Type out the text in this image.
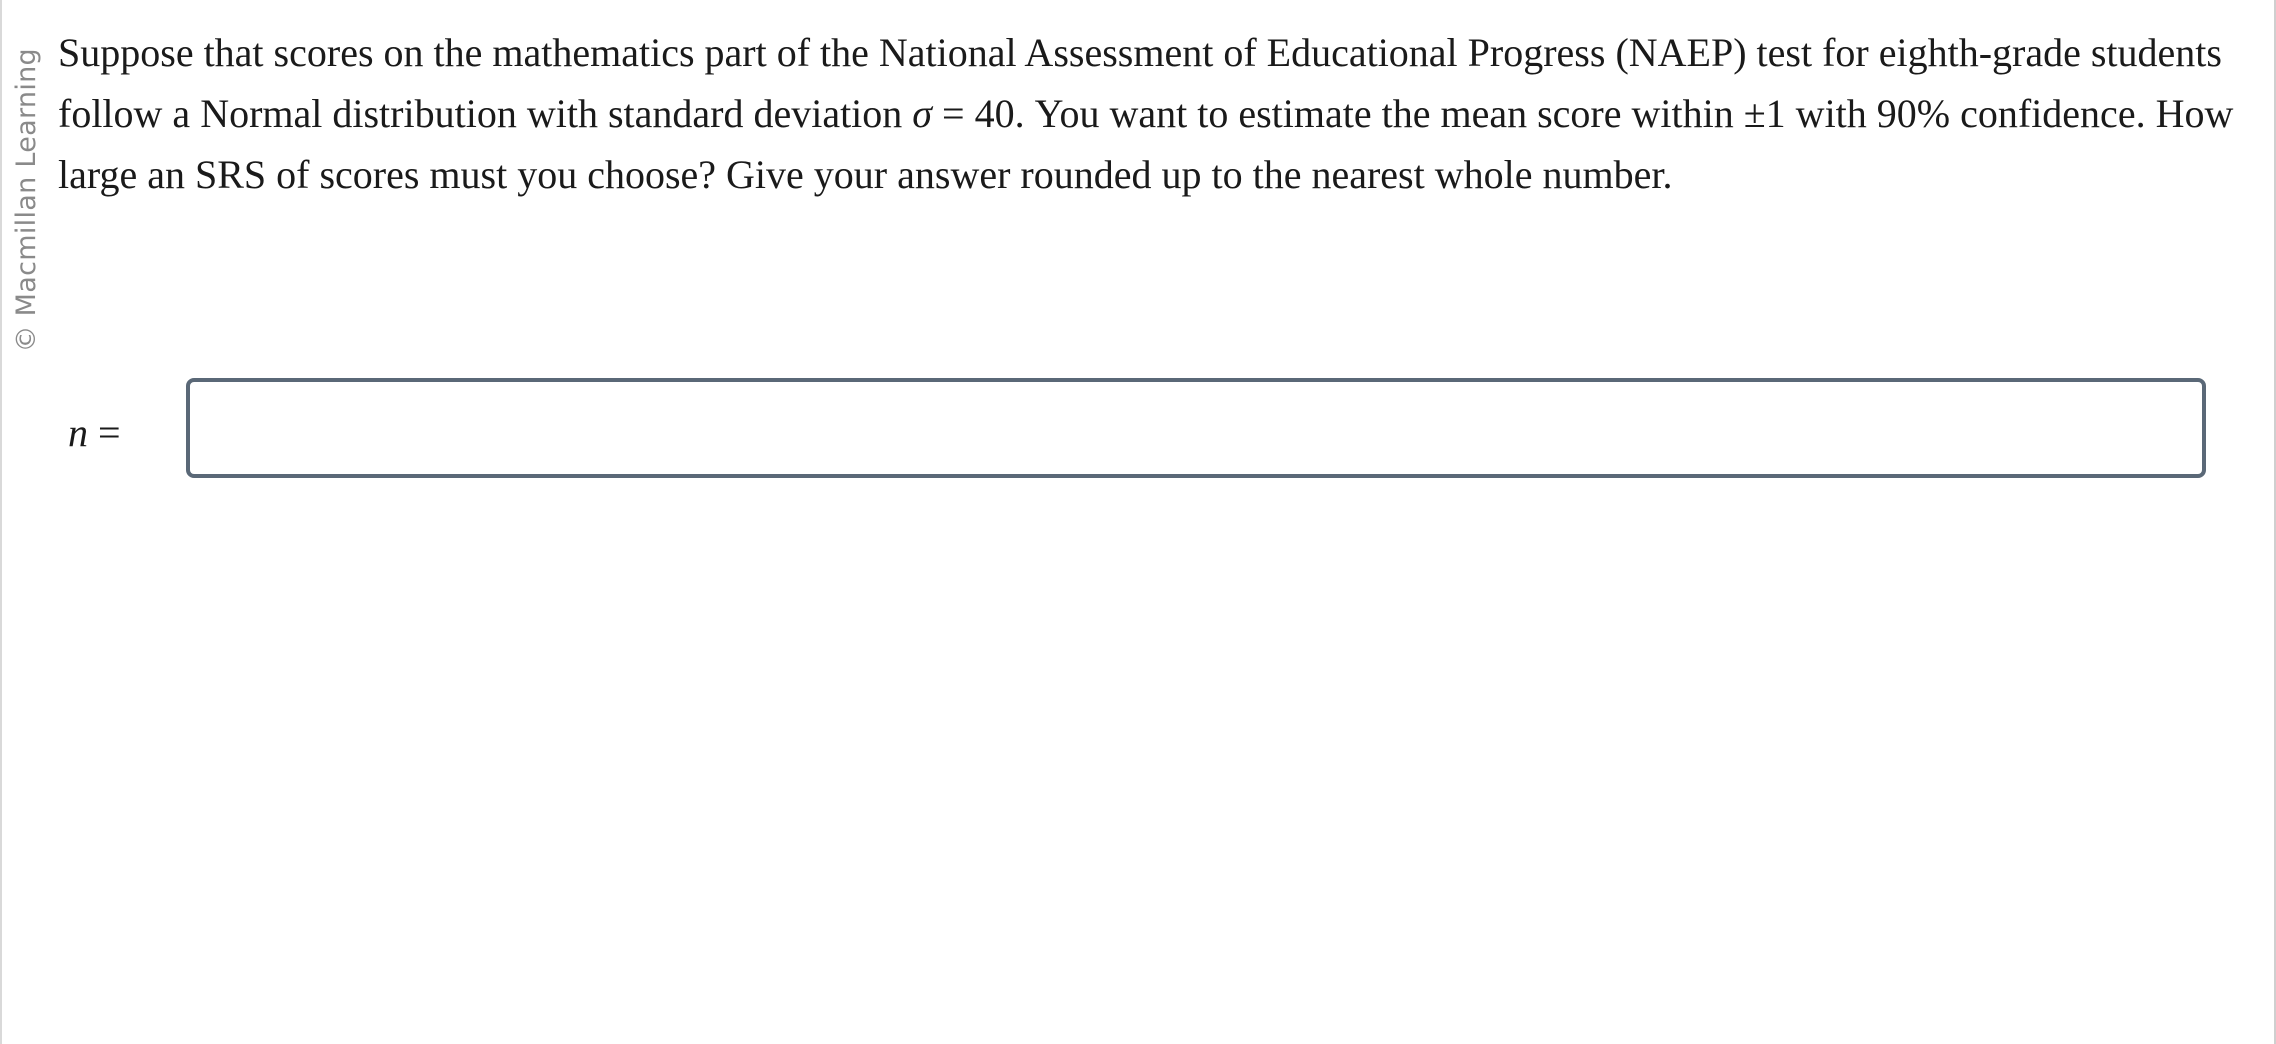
© Macmillan Learning Suppose that scores on the mathematics part of the National Assessment of Educational Progress (NAEP) test for eighth-grade students follow a Normal distribution with standard deviation σ = 40. You want to estimate the mean score within ±1 with 90% confidence. How large an SRS of scores must you choose? Give your answer rounded up to the nearest whole number.
n =
